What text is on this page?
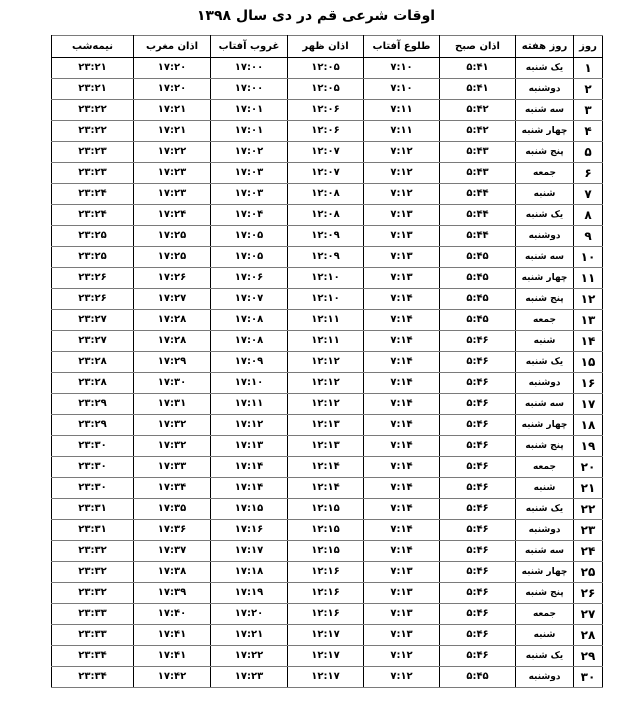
اوقات شرعی قم در دی سال ۱۳۹۸
روز	روز هفته	اذان صبح	طلوع آفتاب	اذان ظهر	غروب آفتاب	اذان مغرب	نیمه‌شب
۱	یک شنبه	۵:۴۱	۷:۱۰	۱۲:۰۵	۱۷:۰۰	۱۷:۲۰	۲۳:۲۱
۲	دوشنبه	۵:۴۱	۷:۱۰	۱۲:۰۵	۱۷:۰۰	۱۷:۲۰	۲۳:۲۱
۳	سه شنبه	۵:۴۲	۷:۱۱	۱۲:۰۶	۱۷:۰۱	۱۷:۲۱	۲۳:۲۲
۴	چهار شنبه	۵:۴۲	۷:۱۱	۱۲:۰۶	۱۷:۰۱	۱۷:۲۱	۲۳:۲۲
۵	پنج شنبه	۵:۴۳	۷:۱۲	۱۲:۰۷	۱۷:۰۲	۱۷:۲۲	۲۳:۲۳
۶	جمعه	۵:۴۳	۷:۱۲	۱۲:۰۷	۱۷:۰۳	۱۷:۲۳	۲۳:۲۳
۷	شنبه	۵:۴۴	۷:۱۲	۱۲:۰۸	۱۷:۰۳	۱۷:۲۳	۲۳:۲۴
۸	یک شنبه	۵:۴۴	۷:۱۳	۱۲:۰۸	۱۷:۰۴	۱۷:۲۴	۲۳:۲۴
۹	دوشنبه	۵:۴۴	۷:۱۳	۱۲:۰۹	۱۷:۰۵	۱۷:۲۵	۲۳:۲۵
۱۰	سه شنبه	۵:۴۵	۷:۱۳	۱۲:۰۹	۱۷:۰۵	۱۷:۲۵	۲۳:۲۵
۱۱	چهار شنبه	۵:۴۵	۷:۱۳	۱۲:۱۰	۱۷:۰۶	۱۷:۲۶	۲۳:۲۶
۱۲	پنج شنبه	۵:۴۵	۷:۱۴	۱۲:۱۰	۱۷:۰۷	۱۷:۲۷	۲۳:۲۶
۱۳	جمعه	۵:۴۵	۷:۱۴	۱۲:۱۱	۱۷:۰۸	۱۷:۲۸	۲۳:۲۷
۱۴	شنبه	۵:۴۶	۷:۱۴	۱۲:۱۱	۱۷:۰۸	۱۷:۲۸	۲۳:۲۷
۱۵	یک شنبه	۵:۴۶	۷:۱۴	۱۲:۱۲	۱۷:۰۹	۱۷:۲۹	۲۳:۲۸
۱۶	دوشنبه	۵:۴۶	۷:۱۴	۱۲:۱۲	۱۷:۱۰	۱۷:۳۰	۲۳:۲۸
۱۷	سه شنبه	۵:۴۶	۷:۱۴	۱۲:۱۲	۱۷:۱۱	۱۷:۳۱	۲۳:۲۹
۱۸	چهار شنبه	۵:۴۶	۷:۱۴	۱۲:۱۳	۱۷:۱۲	۱۷:۳۲	۲۳:۲۹
۱۹	پنج شنبه	۵:۴۶	۷:۱۴	۱۲:۱۳	۱۷:۱۳	۱۷:۳۲	۲۳:۳۰
۲۰	جمعه	۵:۴۶	۷:۱۴	۱۲:۱۴	۱۷:۱۴	۱۷:۳۳	۲۳:۳۰
۲۱	شنبه	۵:۴۶	۷:۱۴	۱۲:۱۴	۱۷:۱۴	۱۷:۳۴	۲۳:۳۰
۲۲	یک شنبه	۵:۴۶	۷:۱۴	۱۲:۱۵	۱۷:۱۵	۱۷:۳۵	۲۳:۳۱
۲۳	دوشنبه	۵:۴۶	۷:۱۴	۱۲:۱۵	۱۷:۱۶	۱۷:۳۶	۲۳:۳۱
۲۴	سه شنبه	۵:۴۶	۷:۱۴	۱۲:۱۵	۱۷:۱۷	۱۷:۳۷	۲۳:۳۲
۲۵	چهار شنبه	۵:۴۶	۷:۱۳	۱۲:۱۶	۱۷:۱۸	۱۷:۳۸	۲۳:۳۲
۲۶	پنج شنبه	۵:۴۶	۷:۱۳	۱۲:۱۶	۱۷:۱۹	۱۷:۳۹	۲۳:۳۲
۲۷	جمعه	۵:۴۶	۷:۱۳	۱۲:۱۶	۱۷:۲۰	۱۷:۴۰	۲۳:۳۳
۲۸	شنبه	۵:۴۶	۷:۱۳	۱۲:۱۷	۱۷:۲۱	۱۷:۴۱	۲۳:۳۳
۲۹	یک شنبه	۵:۴۶	۷:۱۲	۱۲:۱۷	۱۷:۲۲	۱۷:۴۱	۲۳:۳۴
۳۰	دوشنبه	۵:۴۵	۷:۱۲	۱۲:۱۷	۱۷:۲۳	۱۷:۴۲	۲۳:۳۴
